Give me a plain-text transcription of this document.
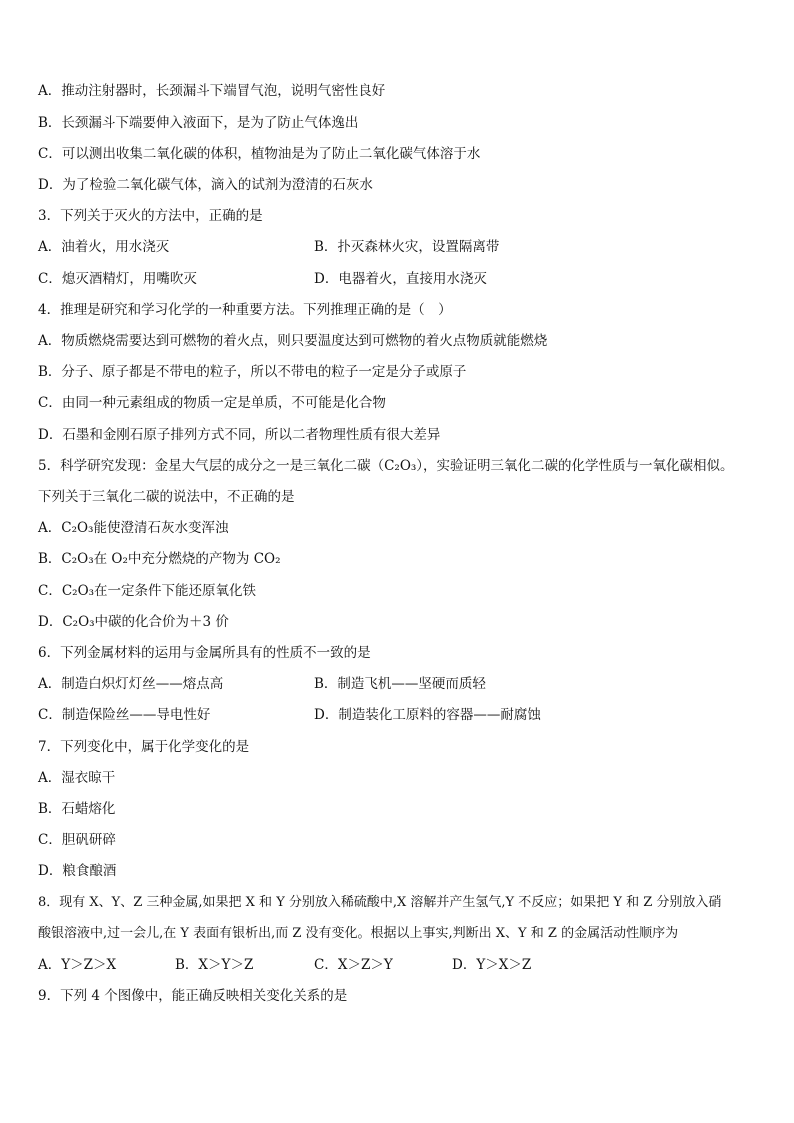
A．推动注射器时，长颈漏斗下端冒气泡，说明气密性良好
B．长颈漏斗下端要伸入液面下，是为了防止气体逸出
C．可以测出收集二氧化碳的体积，植物油是为了防止二氧化碳气体溶于水
D．为了检验二氧化碳气体，滴入的试剂为澄清的石灰水
3．下列关于灭火的方法中，正确的是
A．油着火，用水浇灭	B．扑灭森林火灾，设置隔离带
C．熄灭酒精灯，用嘴吹灭	D．电器着火，直接用水浇灭
4．推理是研究和学习化学的一种重要方法。下列推理正确的是（　）
A．物质燃烧需要达到可燃物的着火点，则只要温度达到可燃物的着火点物质就能燃烧
B．分子、原子都是不带电的粒子，所以不带电的粒子一定是分子或原子
C．由同一种元素组成的物质一定是单质，不可能是化合物
D．石墨和金刚石原子排列方式不同，所以二者物理性质有很大差异
5．科学研究发现：金星大气层的成分之一是三氧化二碳（C₂O₃），实验证明三氧化二碳的化学性质与一氧化碳相似。
下列关于三氧化二碳的说法中，不正确的是
A．C₂O₃能使澄清石灰水变浑浊
B．C₂O₃在 O₂中充分燃烧的产物为 CO₂
C．C₂O₃在一定条件下能还原氧化铁
D．C₂O₃中碳的化合价为＋3 价
6．下列金属材料的运用与金属所具有的性质不一致的是
A．制造白炽灯灯丝——熔点高	B．制造飞机——坚硬而质轻
C．制造保险丝——导电性好	D．制造装化工原料的容器——耐腐蚀
7．下列变化中，属于化学变化的是
A．湿衣晾干
B．石蜡熔化
C．胆矾研碎
D．粮食酿酒
8．现有 X、Y、Z 三种金属,如果把 X 和 Y 分别放入稀硫酸中,X 溶解并产生氢气,Y 不反应；如果把 Y 和 Z 分别放入硝
酸银溶液中,过一会儿,在 Y 表面有银析出,而 Z 没有变化。根据以上事实,判断出 X、Y 和 Z 的金属活动性顺序为
A．Y＞Z＞X	B．X＞Y＞Z	C．X＞Z＞Y	D．Y＞X＞Z
9．下列 4 个图像中，能正确反映相关变化关系的是
